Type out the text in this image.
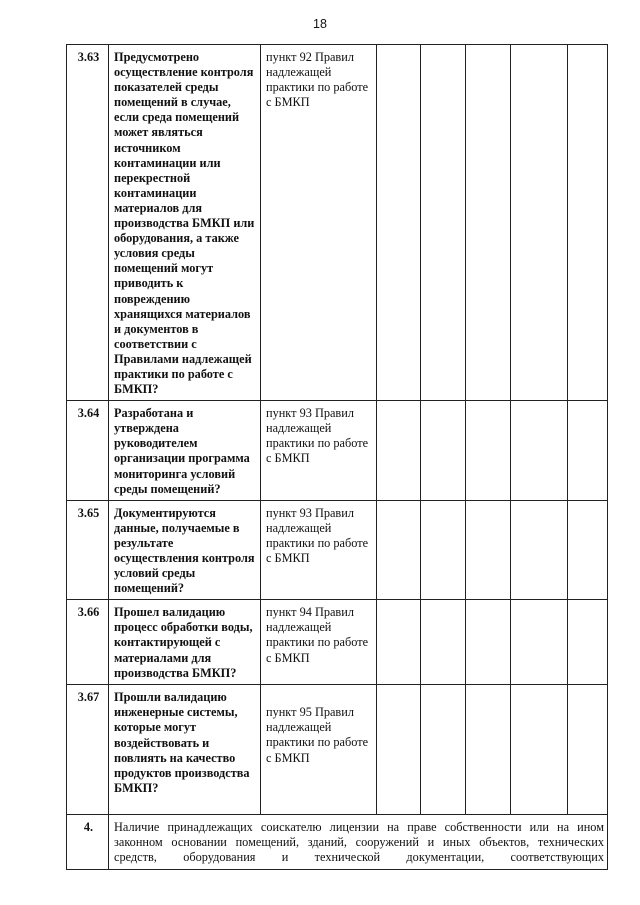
18
3.63	Предусмотрено осуществление контроля показателей среды помещений в случае, если среда помещений может являться источником контаминации или перекрестной контаминации материалов для производства БМКП или оборудования, а также условия среды помещений могут приводить к повреждению хранящихся материалов и документов в соответствии с Правилами надлежащей практики по работе с БМКП?	пункт 92 Правил надлежащей практики по работе с БМКП					
3.64	Разработана и утверждена руководителем организации программа мониторинга условий среды помещений?	пункт 93 Правил надлежащей практики по работе с БМКП					
3.65	Документируются данные, получаемые в результате осуществления контроля условий среды помещений?	пункт 93 Правил надлежащей практики по работе с БМКП					
3.66	Прошел валидацию процесс обработки воды, контактирующей с материалами для производства БМКП?	пункт 94 Правил надлежащей практики по работе с БМКП					
3.67	Прошли валидацию инженерные системы, которые могут воздействовать и повлиять на качество продуктов производства БМКП?	пункт 95 Правил надлежащей практики по работе с БМКП					
4.	Наличие принадлежащих соискателю лицензии на праве собственности или на ином законном основании помещений, зданий, сооружений и иных объектов, технических средств, оборудования и технической документации, соответствующих						
